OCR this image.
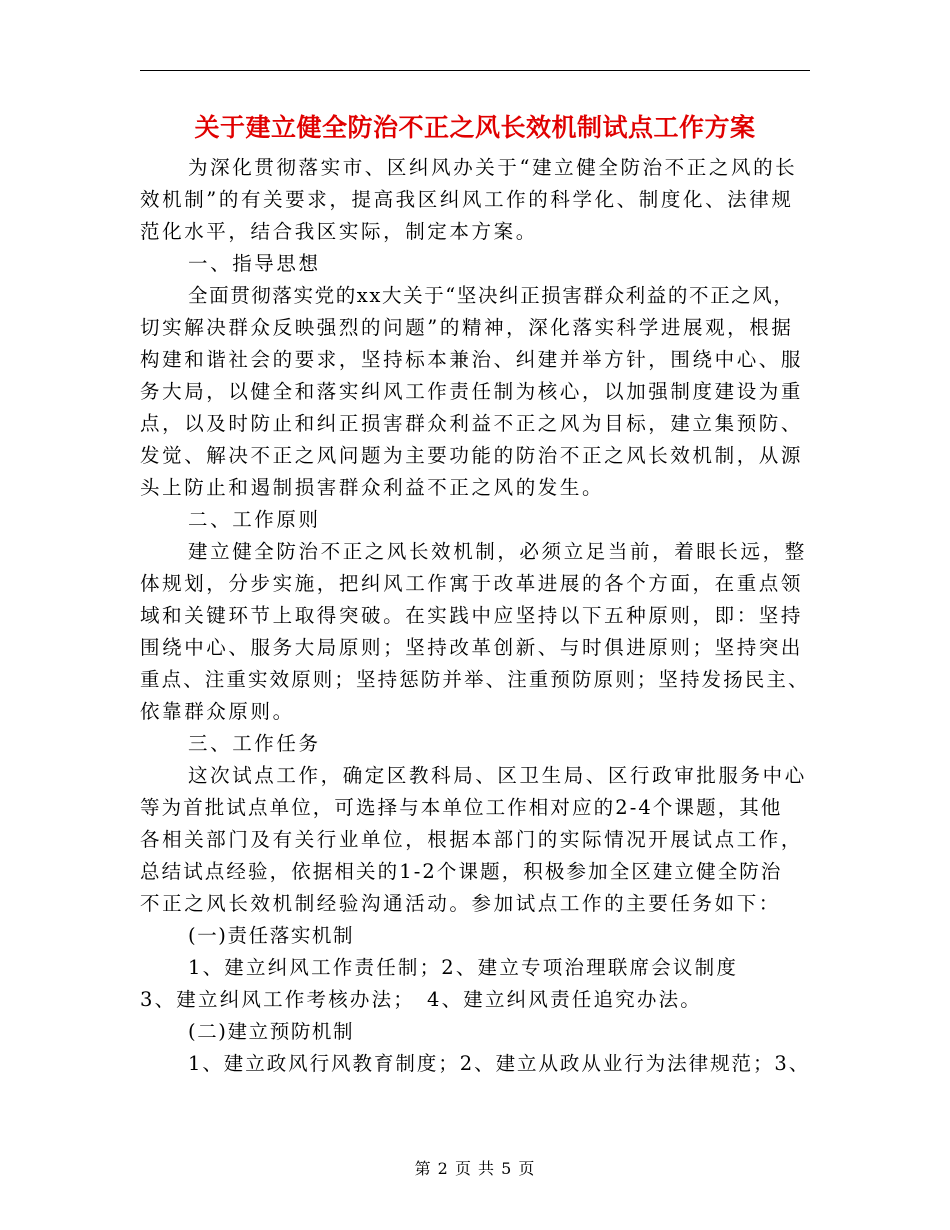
关于建立健全防治不正之风长效机制试点工作方案
为深化贯彻落实市、区纠风办关于“建立健全防治不正之风的长
效机制”的有关要求，提高我区纠风工作的科学化、制度化、法律规
范化水平，结合我区实际，制定本方案。
一、指导思想
全面贯彻落实党的xx大关于“坚决纠正损害群众利益的不正之风，
切实解决群众反映强烈的问题”的精神，深化落实科学进展观，根据
构建和谐社会的要求，坚持标本兼治、纠建并举方针，围绕中心、服
务大局，以健全和落实纠风工作责任制为核心，以加强制度建设为重
点，以及时防止和纠正损害群众利益不正之风为目标，建立集预防、
发觉、解决不正之风问题为主要功能的防治不正之风长效机制，从源
头上防止和遏制损害群众利益不正之风的发生。
二、工作原则
建立健全防治不正之风长效机制，必须立足当前，着眼长远，整
体规划，分步实施，把纠风工作寓于改革进展的各个方面，在重点领
域和关键环节上取得突破。在实践中应坚持以下五种原则，即：坚持
围绕中心、服务大局原则；坚持改革创新、与时俱进原则；坚持突出
重点、注重实效原则；坚持惩防并举、注重预防原则；坚持发扬民主、
依靠群众原则。
三、工作任务
这次试点工作，确定区教科局、区卫生局、区行政审批服务中心
等为首批试点单位，可选择与本单位工作相对应的2-4个课题，其他
各相关部门及有关行业单位，根据本部门的实际情况开展试点工作，
总结试点经验，依据相关的1-2个课题，积极参加全区建立健全防治
不正之风长效机制经验沟通活动。参加试点工作的主要任务如下：
(一)责任落实机制
1、建立纠风工作责任制；2、建立专项治理联席会议制度
3、建立纠风工作考核办法；　4、建立纠风责任追究办法。
(二)建立预防机制
1、建立政风行风教育制度；2、建立从政从业行为法律规范；3、
第 2 页 共 5 页
